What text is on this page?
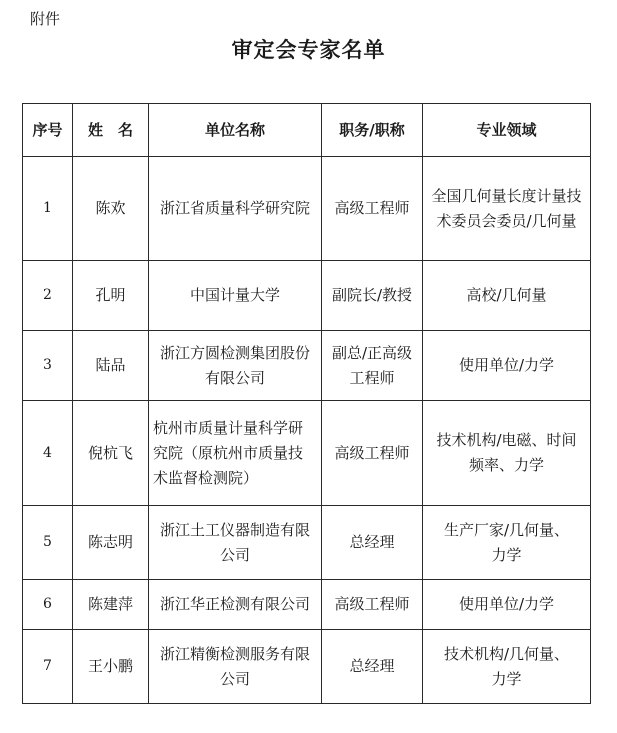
附件
审定会专家名单
序号	姓　名	单位名称	职务/职称	专业领域
1	陈欢	浙江省质量科学研究院	高级工程师	全国几何量长度计量技术委员会委员/几何量
2	孔明	中国计量大学	副院长/教授	高校/几何量
3	陆品	浙江方圆检测集团股份有限公司	副总/正高级工程师	使用单位/力学
4	倪杭飞	杭州市质量计量科学研究院（原杭州市质量技术监督检测院）	高级工程师	技术机构/电磁、时间频率、力学
5	陈志明	浙江土工仪器制造有限公司	总经理	生产厂家/几何量、力学
6	陈建萍	浙江华正检测有限公司	高级工程师	使用单位/力学
7	王小鹏	浙江精衡检测服务有限公司	总经理	技术机构/几何量、力学
